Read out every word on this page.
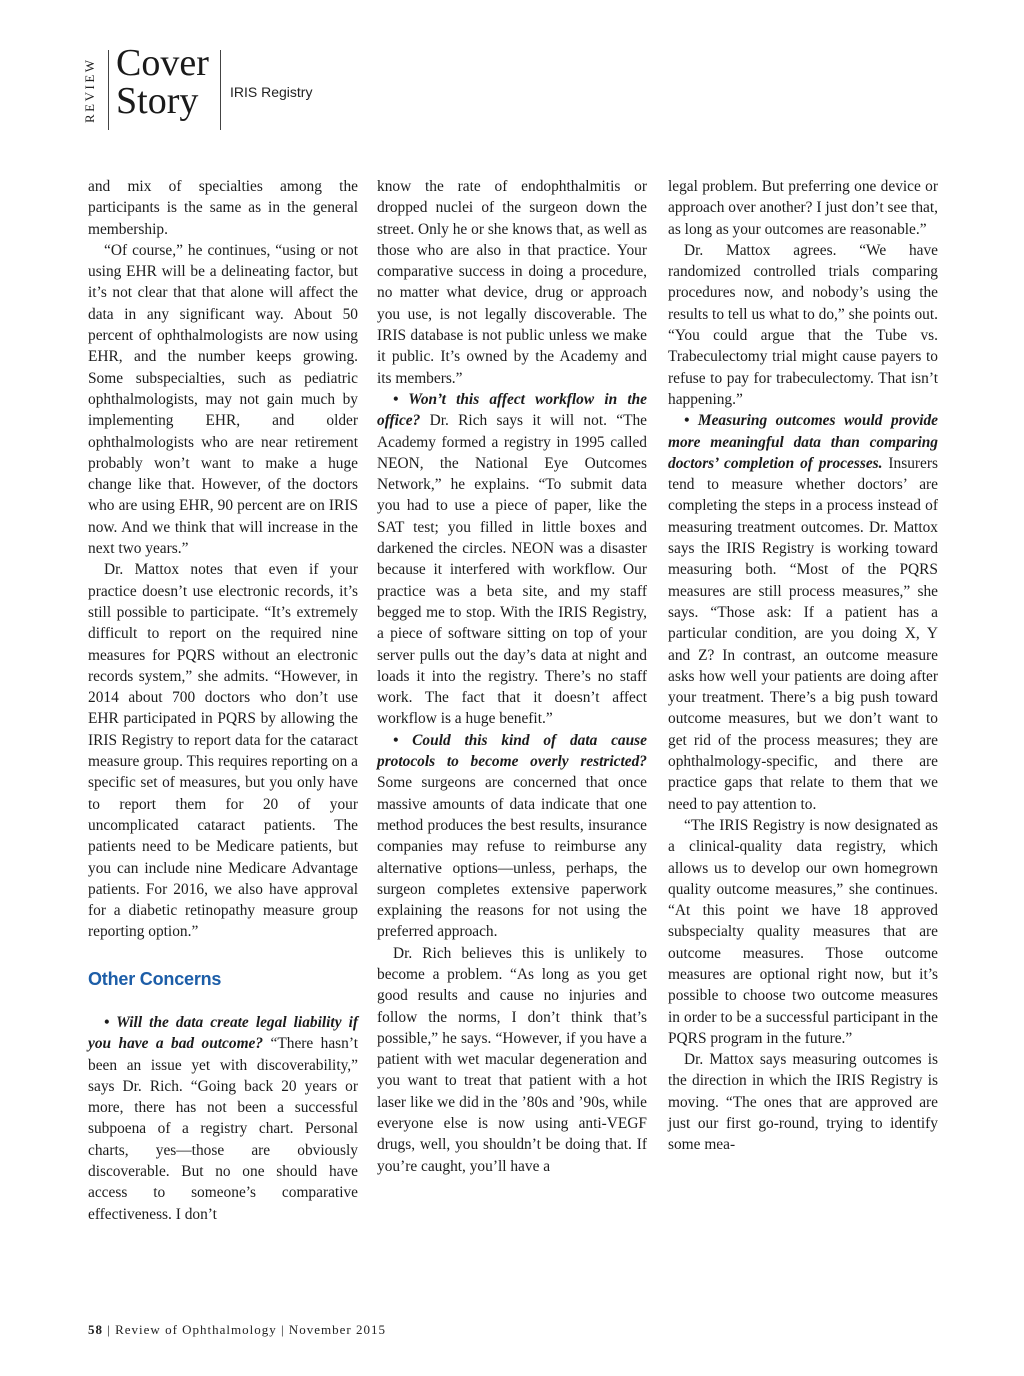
REVIEW Cover
Story	IRIS Registry

and mix of specialties among the participants is the same as in the general membership.

“Of course,” he continues, “using or not using EHR will be a delineating factor, but it’s not clear that that alone will affect the data in any significant way. About 50 percent of ophthalmologists are now using EHR, and the number keeps growing. Some subspecialties, such as pediatric ophthalmologists, may not gain much by implementing EHR, and older ophthalmologists who are near retirement probably won’t want to make a huge change like that. However, of the doctors who are using EHR, 90 percent are on IRIS now. And we think that will increase in the next two years.”

Dr. Mattox notes that even if your practice doesn’t use electronic records, it’s still possible to participate. “It’s extremely difficult to report on the required nine measures for PQRS without an electronic records system,” she admits. “However, in 2014 about 700 doctors who don’t use EHR participated in PQRS by allowing the IRIS Registry to report data for the cataract measure group. This requires reporting on a specific set of measures, but you only have to report them for 20 of your uncomplicated cataract patients. The patients need to be Medicare patients, but you can include nine Medicare Advantage patients. For 2016, we also have approval for a diabetic retinopathy measure group reporting option.”

Other Concerns

• Will the data create legal liability if you have a bad outcome? “There hasn’t been an issue yet with discoverability,” says Dr. Rich. “Going back 20 years or more, there has not been a successful subpoena of a registry chart. Personal charts, yes—those are obviously discoverable. But no one should have access to someone’s comparative effectiveness. I don’t

know the rate of endophthalmitis or dropped nuclei of the surgeon down the street. Only he or she knows that, as well as those who are also in that practice. Your comparative success in doing a procedure, no matter what device, drug or approach you use, is not legally discoverable. The IRIS database is not public unless we make it public. It’s owned by the Academy and its members.”

• Won’t this affect workflow in the office? Dr. Rich says it will not. “The Academy formed a registry in 1995 called NEON, the National Eye Outcomes Network,” he explains. “To submit data you had to use a piece of paper, like the SAT test; you filled in little boxes and darkened the circles. NEON was a disaster because it interfered with workflow. Our practice was a beta site, and my staff begged me to stop. With the IRIS Registry, a piece of software sitting on top of your server pulls out the day’s data at night and loads it into the registry. There’s no staff work. The fact that it doesn’t affect workflow is a huge benefit.”

• Could this kind of data cause protocols to become overly restricted? Some surgeons are concerned that once massive amounts of data indicate that one method produces the best results, insurance companies may refuse to reimburse any alternative options—unless, perhaps, the surgeon completes extensive paperwork explaining the reasons for not using the preferred approach.

Dr. Rich believes this is unlikely to become a problem. “As long as you get good results and cause no injuries and follow the norms, I don’t think that’s possible,” he says. “However, if you have a patient with wet macular degeneration and you want to treat that patient with a hot laser like we did in the ’80s and ’90s, while everyone else is now using anti-VEGF drugs, well, you shouldn’t be doing that. If you’re caught, you’ll have a

legal problem. But preferring one device or approach over another? I just don’t see that, as long as your outcomes are reasonable.”

Dr. Mattox agrees. “We have randomized controlled trials comparing procedures now, and nobody’s using the results to tell us what to do,” she points out. “You could argue that the Tube vs. Trabeculectomy trial might cause payers to refuse to pay for trabeculectomy. That isn’t happening.”

• Measuring outcomes would provide more meaningful data than comparing doctors’ completion of processes. Insurers tend to measure whether doctors’ are completing the steps in a process instead of measuring treatment outcomes. Dr. Mattox says the IRIS Registry is working toward measuring both. “Most of the PQRS measures are still process measures,” she says. “Those ask: If a patient has a particular condition, are you doing X, Y and Z? In contrast, an outcome measure asks how well your patients are doing after your treatment. There’s a big push toward outcome measures, but we don’t want to get rid of the process measures; they are ophthalmology-specific, and there are practice gaps that relate to them that we need to pay attention to.

“The IRIS Registry is now designated as a clinical-quality data registry, which allows us to develop our own homegrown quality outcome measures,” she continues. “At this point we have 18 approved subspecialty quality measures that are outcome measures. Those outcome measures are optional right now, but it’s possible to choose two outcome measures in order to be a successful participant in the PQRS program in the future.”

Dr. Mattox says measuring outcomes is the direction in which the IRIS Registry is moving. “The ones that are approved are just our first go-round, trying to identify some mea-

58 | Review of Ophthalmology | November 2015
